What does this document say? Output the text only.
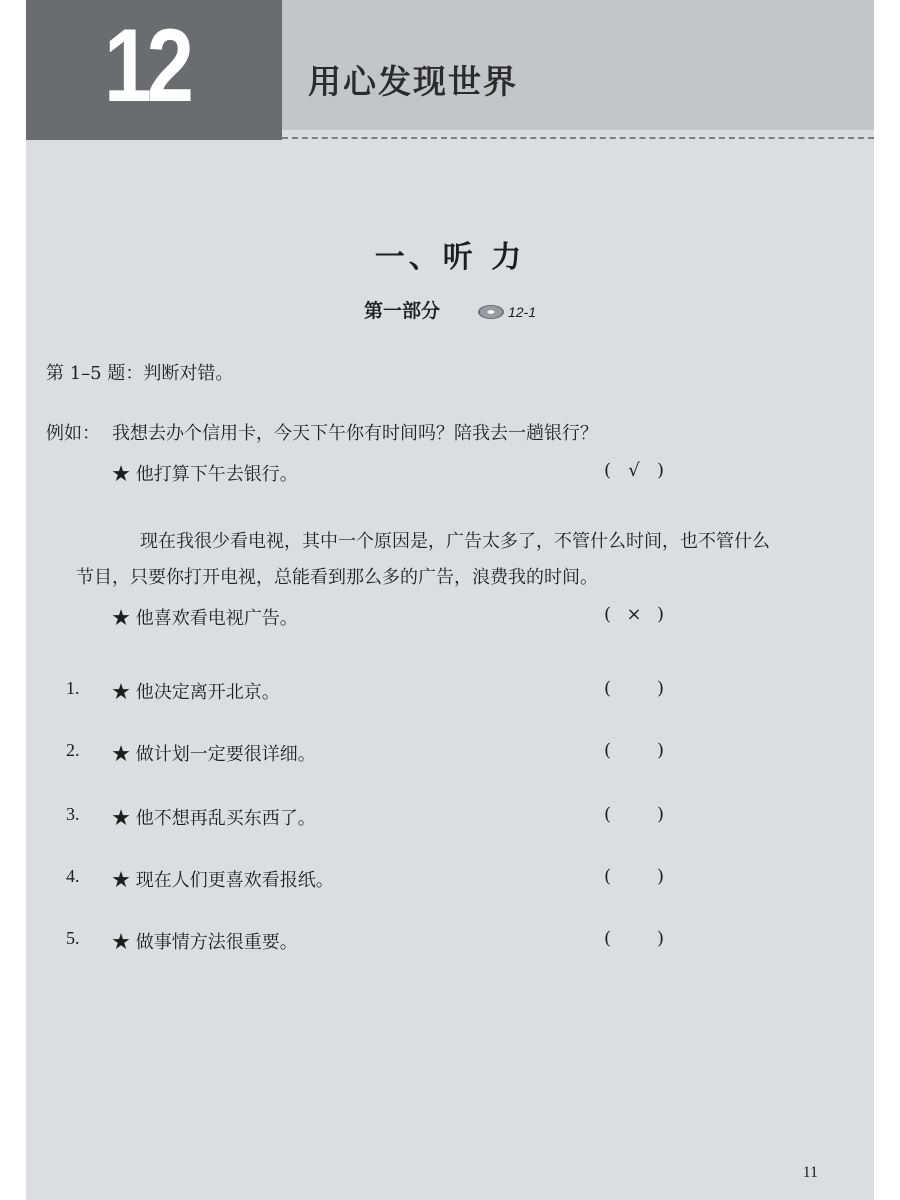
12	用心发现世界
一、听 力
第一部分	12-1
第 1–5 题：判断对错。
例如： 我想去办个信用卡，今天下午你有时间吗？陪我去一趟银行？
★ 他打算下午去银行。	( √ )
现在我很少看电视，其中一个原因是，广告太多了，不管什么时间，也不管什么
节目，只要你打开电视，总能看到那么多的广告，浪费我的时间。
★ 他喜欢看电视广告。	( × )
1. ★ 他决定离开北京。	(	)
2. ★ 做计划一定要很详细。	(	)
3. ★ 他不想再乱买东西了。	(	)
4. ★ 现在人们更喜欢看报纸。	(	)
5. ★ 做事情方法很重要。	(	)
11
